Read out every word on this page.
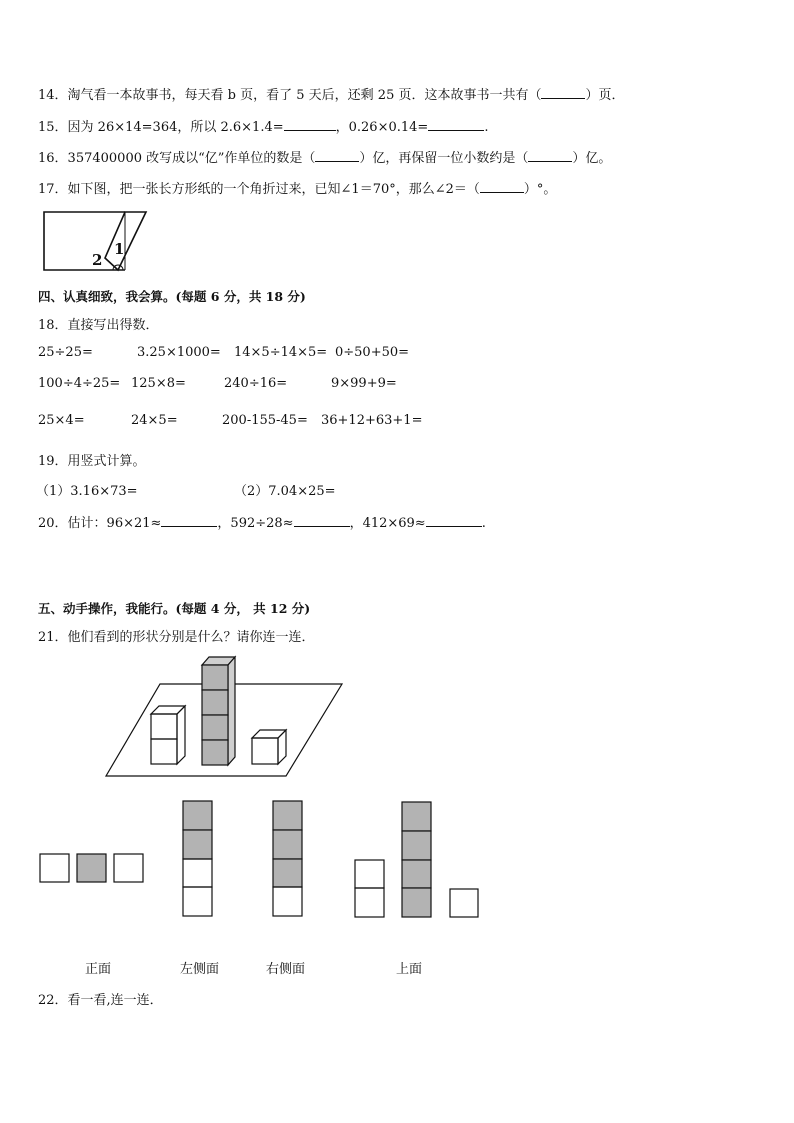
14．淘气看一本故事书，每天看 b 页，看了 5 天后，还剩 25 页．这本故事书一共有（	）页．
15．因为 26×14=364，所以 2.6×1.4=	，0.26×0.14=	.
16．357400000 改写成以“亿”作单位的数是（	）亿，再保留一位小数约是（	）亿。
17．如下图，把一张长方形纸的一个角折过来，已知∠1＝70°，那么∠2＝（	）°。
1
2
四、认真细致，我会算。(每题 6 分，共 18 分)
18．直接写出得数．
25÷25=	3.25×1000= 14×5÷14×5= 0÷50+50=
100÷4÷25= 125×8=	240÷16=	9×99+9=
25×4=	24×5=	200-155-45= 36+12+63+1=
19．用竖式计算。
（1）3.16×73=	（2）7.04×25=
20．估计：96×21≈	，592÷28≈	，412×69≈	.
五、动手操作，我能行。(每题 4 分， 共 12 分)
21．他们看到的形状分别是什么？请你连一连．
正面	左侧面	右侧面	上面
22．看一看,连一连．
